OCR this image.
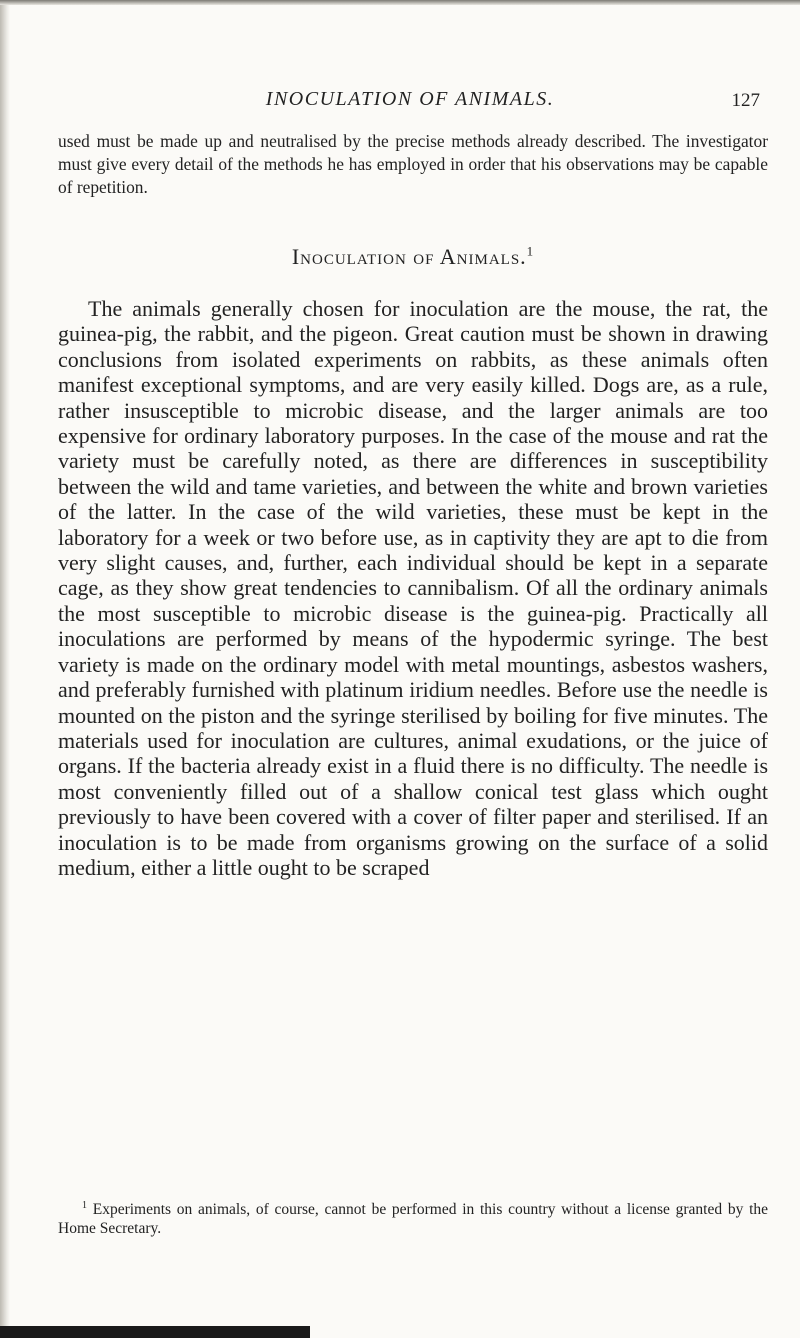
INOCULATION OF ANIMALS.	127

used must be made up and neutralised by the precise methods already described. The investigator must give every detail of the methods he has employed in order that his observations may be capable of repetition.

Inoculation of Animals.$^1$

The animals generally chosen for inoculation are the mouse, the rat, the guinea-pig, the rabbit, and the pigeon. Great caution must be shown in drawing conclusions from isolated experiments on rabbits, as these animals often manifest exceptional symptoms, and are very easily killed. Dogs are, as a rule, rather insusceptible to microbic disease, and the larger animals are too expensive for ordinary laboratory purposes. In the case of the mouse and rat the variety must be carefully noted, as there are differences in susceptibility between the wild and tame varieties, and between the white and brown varieties of the latter. In the case of the wild varieties, these must be kept in the laboratory for a week or two before use, as in captivity they are apt to die from very slight causes, and, further, each individual should be kept in a separate cage, as they show great tendencies to cannibalism. Of all the ordinary animals the most susceptible to microbic disease is the guinea-pig. Practically all inoculations are performed by means of the hypodermic syringe. The best variety is made on the ordinary model with metal mountings, asbestos washers, and preferably furnished with platinum iridium needles. Before use the needle is mounted on the piston and the syringe sterilised by boiling for five minutes. The materials used for inoculation are cultures, animal exudations, or the juice of organs. If the bacteria already exist in a fluid there is no difficulty. The needle is most conveniently filled out of a shallow conical test glass which ought previously to have been covered with a cover of filter paper and sterilised. If an inoculation is to be made from organisms growing on the surface of a solid medium, either a little ought to be scraped

$^1$ Experiments on animals, of course, cannot be performed in this country without a license granted by the Home Secretary.
